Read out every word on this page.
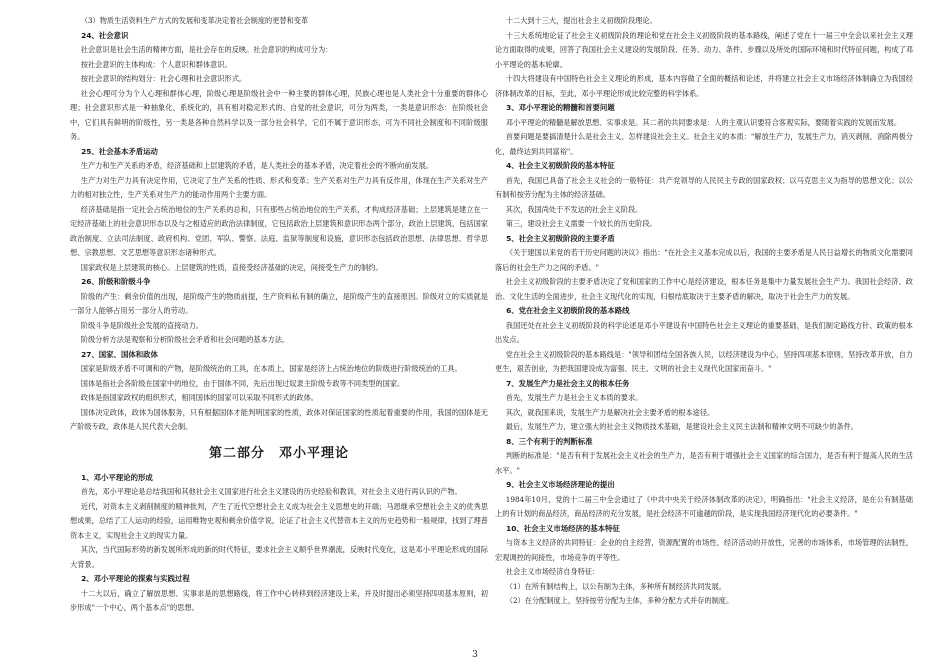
（3）物质生活资料生产方式的发展和变革决定着社会制度的更替和变革

24、社会意识

社会意识是社会生活的精神方面，是社会存在的反映。社会意识的构成可分为：

按社会意识的主体构成：个人意识和群体意识。

按社会意识的结构划分：社会心理和社会意识形式。

社会心理可分为个人心理和群体心理，阶级心理是阶级社会中一种主要的群体心理，民族心理也是人类社会十分重要的群体心理；社会意识形式是一种抽象化、系统化的，具有相对稳定形式的、自觉的社会意识，可分为两类，一类是意识形态：在阶级社会中，它们具有鲜明的阶级性，另一类是各种自然科学以及一部分社会科学，它们不属于意识形态，可为不同社会制度和不同阶级服务。

25、社会基本矛盾运动

生产力和生产关系的矛盾，经济基础和上层建筑的矛盾，是人类社会的基本矛盾，决定着社会的不断向前发展。

生产力对生产力具有决定作用，它决定了生产关系的性质、形式和变革；生产关系对生产力具有反作用，体现在生产关系对生产力的相对独立性，生产关系对生产力的能动作用两个主要方面。

经济基础是指一定社会占统治地位的生产关系的总和，只有那些占统治地位的生产关系，才构成经济基础；上层建筑是建立在一定经济基础上的社会意识形态以及与之相适应的政治法律制度，它包括政治上层建筑和意识形态两个部分，政治上层建筑，包括国家政治制度、立法司法制度、政府机构、党团、军队、警察、法庭、监狱等制度和设施，意识形态包括政治思想、法律思想、哲学思想、宗教思想、文艺思想等意识形态诸种形式。

国家政权是上层建筑的核心。上层建筑的性质，直接受经济基础的决定，间接受生产力的制约。

26、阶级和阶级斗争

阶级的产生：剩余价值的出现，是阶级产生的物质前提，生产资料私有制的确立，是阶级产生的直接原因。阶级对立的实质就是一部分人能够占用另一部分人的劳动。

阶级斗争是阶级社会发展的直接动力。

阶级分析方法是观察和分析阶级社会矛盾和社会问题的基本方法。

27、国家、国体和政体

国家是阶级矛盾不可调和的产物，是阶级统治的工具，在本质上，国家是经济上占统治地位的阶级进行阶级统治的工具。

国体是指社会各阶级在国家中的地位，由于国体不同，先后出现过奴隶主阶级专政等不同类型的国家。

政体是指国家政权的组织形式，相同国体的国家可以采取不同形式的政体。

国体决定政体，政体为国体服务，只有根据国体才能判明国家的性质，政体对保证国家的性质起着重要的作用，我国的国体是无产阶级专政，政体是人民代表大会制。

第二部分　邓小平理论
1、邓小平理论的形成

首先，邓小平理论是总结我国和其他社会主义国家进行社会主义建设的历史经验和教训，对社会主义进行再认识的产物。

近代，对资本主义剥削制度的精神批判，产生了近代空想社会主义成为社会主义思想史的开端；马恩继承空想社会主义的优秀思想成果，总结了工人运动的经验，运用唯物史观和剩余价值学说，论证了社会主义代替资本主义的历史趋势和一般规律，找到了理普资本主义，实现社会主义的现实力量。

其次，当代国际形势的新发展所形成的新的时代特征，要求社会主义顺乎世界潮流，反映时代变化，这是邓小平理论形成的国际大背景。

2、邓小平理论的探索与实践过程

十二大以后，确立了解放思想、实事求是的思想路线，将工作中心转移到经济建设上来，并及时提出必须坚持四项基本原则，初步形成"一个中心，两个基本点"的思想。

十二大到十三大，提出社会主义初级阶段理论。

十三大系统地论证了社会主义初级阶段的理论和党在社会主义初级阶段的基本路线，阐述了党在十一届三中全会以来社会主义理论方面取得的成果，回答了我国社会主义建设的发展阶段、任务、动力、条件、步骤以及所处的国际环境和时代特征问题，构成了邓小平理论的基本轮廓。

十四大将建设有中国特色社会主义理论的形成，基本内容做了全面的概括和论述，并将建立社会主义市场经济体制确立为我国经济体制改革的目标，至此，邓小平理论形成比较完整的科学体系。

3、邓小平理论的精髓和首要问题

邓小平理论的精髓是解放思想、实事求是。其二者的共同要求是：人的主观认识要符合客观实际，要随着实践的发展而发展。

首要问题是要搞清楚什么是社会主义、怎样建设社会主义。社会主义的本质："解放生产力，发展生产力，消灭剥削，消除两极分化，最终达到共同富裕"。

4、社会主义初级阶段的基本特征

首先，我国已具备了社会主义社会的一般特征：共产党领导的人民民主专政的国家政权；以马克思主义为指导的思想文化；以公有制和按劳分配为主体的经济基础。

其次，我国尚处于不发达的社会主义阶段。

第三，建设社会主义需要一个较长的历史阶段。

5、社会主义初级阶段的主要矛盾

《关于建国以来党的若干历史问题的决议》指出："在社会主义基本完成以后，我国的主要矛盾是人民日益增长的物质文化需要同落后的社会生产力之间的矛盾。"

社会主义初级阶段的主要矛盾决定了党和国家的工作中心是经济建设，根本任务是集中力量发展社会生产力。我国社会经济、政治、文化生活的全面进步，社会主义现代化的实现，归根结底取决于主要矛盾的解决，取决于社会生产力的发展。

6、党在社会主义初级阶段的基本路线

我国还处在社会主义初级阶段的科学论述是邓小平建设有中国特色社会主义理论的重要基础，是我们制定路线方针、政策的根本出发点。

党在社会主义初级阶段的基本路线是："领导和团结全国各族人民，以经济建设为中心，坚持四项基本原则，坚持改革开放，自力更生，艰苦创业，为把我国建设成为富强、民主、文明的社会主义现代化国家而奋斗。"

7、发展生产力是社会主义的根本任务

首先，发展生产力是社会主义本质的要求。

其次，就我国来说，发展生产力是解决社会主要矛盾的根本途径。

最后，发展生产力，建立强大的社会主义物质技术基础，是建设社会主义民主法制和精神文明不可缺少的条件。

8、三个有利于的判断标准

判断的标准是："是否有利于发展社会主义社会的生产力，是否有利于增强社会主义国家的综合国力，是否有利于提高人民的生活水平。"

9、社会主义市场经济理论的提出

1984年10月，党的十二届三中全会通过了《中共中央关于经济体制改革的决定》，明确指出："社会主义经济，是在公有制基础上的有计划的商品经济，商品经济的充分发展，是社会经济不可逾越的阶段，是实现我国经济现代化的必要条件。"

10、社会主义市场经济的基本特征

与资本主义经济的共同特征：企业的自主经营，资源配置的市场性，经济活动的开放性，完善的市场体系，市场管理的法制性，宏观调控的间接性，市场竞争的平等性。

社会主义市场经济自身特征：

（1）在所有制结构上，以公有制为主体，多种所有制经济共同发展。

（2）在分配制度上，坚持按劳分配为主体，多种分配方式并存的制度。

3
